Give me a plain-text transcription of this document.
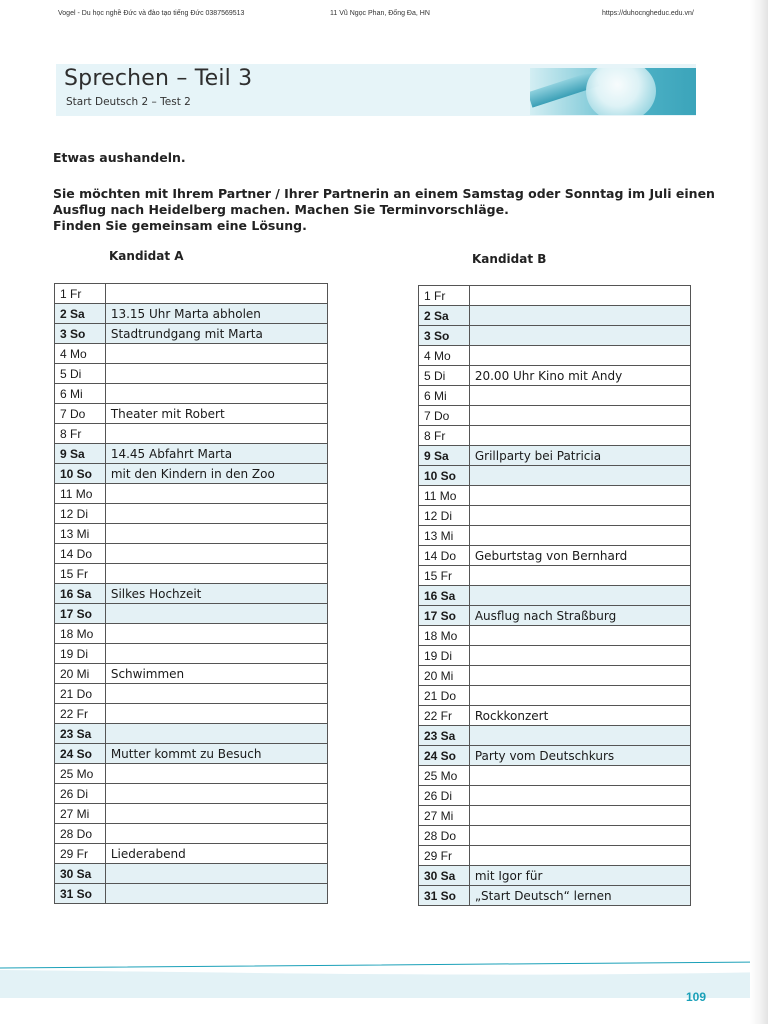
Vogel - Du học nghề Đức và đào tạo tiếng Đức 0387569513	11 Vũ Ngọc Phan, Đống Đa, HN	https://duhocngheduc.edu.vn/
Sprechen – Teil 3
Start Deutsch 2 – Test 2
Etwas aushandeln.
Sie möchten mit Ihrem Partner / Ihrer Partnerin an einem Samstag oder Sonntag im Juli einen
Ausflug nach Heidelberg machen. Machen Sie Terminvorschläge.
Finden Sie gemeinsam eine Lösung.
Kandidat A	Kandidat B
1 Fr	
2 Sa	13.15 Uhr Marta abholen
3 So	Stadtrundgang mit Marta
4 Mo	
5 Di	
6 Mi	
7 Do	Theater mit Robert
8 Fr	
9 Sa	14.45 Abfahrt Marta
10 So	mit den Kindern in den Zoo
11 Mo	
12 Di	
13 Mi	
14 Do	
15 Fr	
16 Sa	Silkes Hochzeit
17 So	
18 Mo	
19 Di	
20 Mi	Schwimmen
21 Do	
22 Fr	
23 Sa	
24 So	Mutter kommt zu Besuch
25 Mo	
26 Di	
27 Mi	
28 Do	
29 Fr	Liederabend
30 Sa	
31 So	
1 Fr	
2 Sa	
3 So	
4 Mo	
5 Di	20.00 Uhr Kino mit Andy
6 Mi	
7 Do	
8 Fr	
9 Sa	Grillparty bei Patricia
10 So	
11 Mo	
12 Di	
13 Mi	
14 Do	Geburtstag von Bernhard
15 Fr	
16 Sa	
17 So	Ausflug nach Straßburg
18 Mo	
19 Di	
20 Mi	
21 Do	
22 Fr	Rockkonzert
23 Sa	
24 So	Party vom Deutschkurs
25 Mo	
26 Di	
27 Mi	
28 Do	
29 Fr	
30 Sa	mit Igor für
31 So	„Start Deutsch“ lernen
109
